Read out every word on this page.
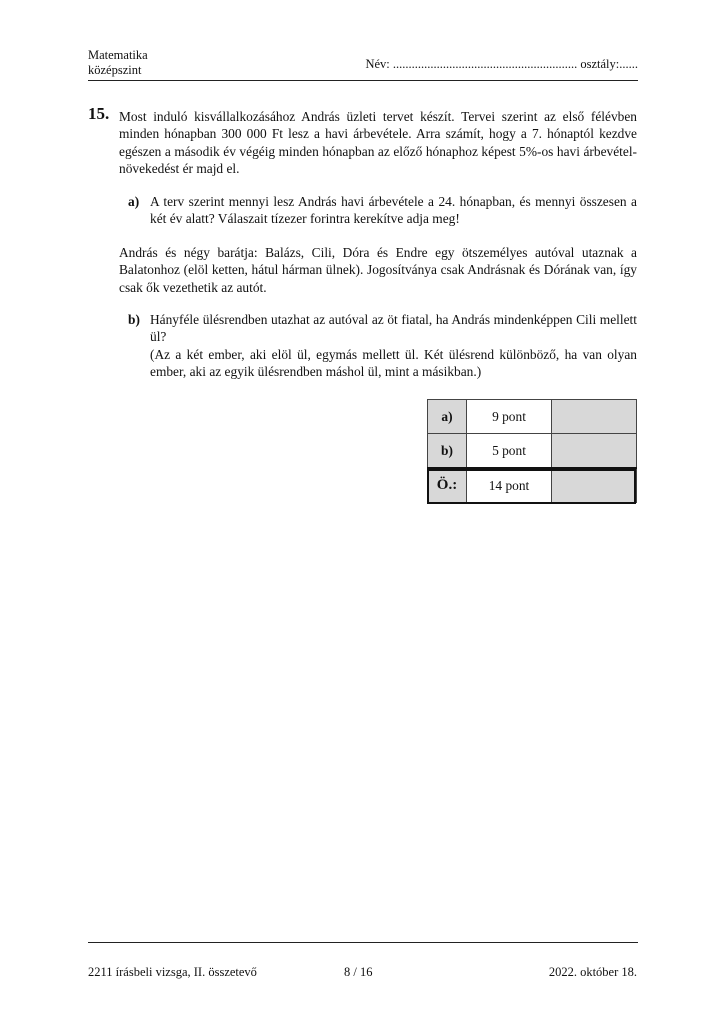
Matematika
középszint	Név: ........................................................... osztály:......
15. Most induló kisvállalkozásához András üzleti tervet készít. Tervei szerint az első félévben minden hónapban 300 000 Ft lesz a havi árbevétele. Arra számít, hogy a 7. hónaptól kezdve egészen a második év végéig minden hónapban az előző hónaphoz képest 5%-os havi árbevétel-növekedést ér majd el.

a) A terv szerint mennyi lesz András havi árbevétele a 24. hónapban, és mennyi összesen a két év alatt? Válaszait tízezer forintra kerekítve adja meg!

András és négy barátja: Balázs, Cili, Dóra és Endre egy ötszemélyes autóval utaznak a Balatonhoz (elöl ketten, hátul hárman ülnek). Jogosítványa csak Andrásnak és Dórának van, így csak ők vezethetik az autót.

b) Hányféle ülésrendben utazhat az autóval az öt fiatal, ha András mindenképpen Cili mellett ül?
(Az a két ember, aki elöl ül, egymás mellett ül. Két ülésrend különböző, ha van olyan ember, aki az egyik ülésrendben máshol ül, mint a másikban.)
a)	9 pont	
b)	5 pont	
Ö.:	14 pont	
2211 írásbeli vizsga, II. összetevő	8 / 16	2022. október 18.
